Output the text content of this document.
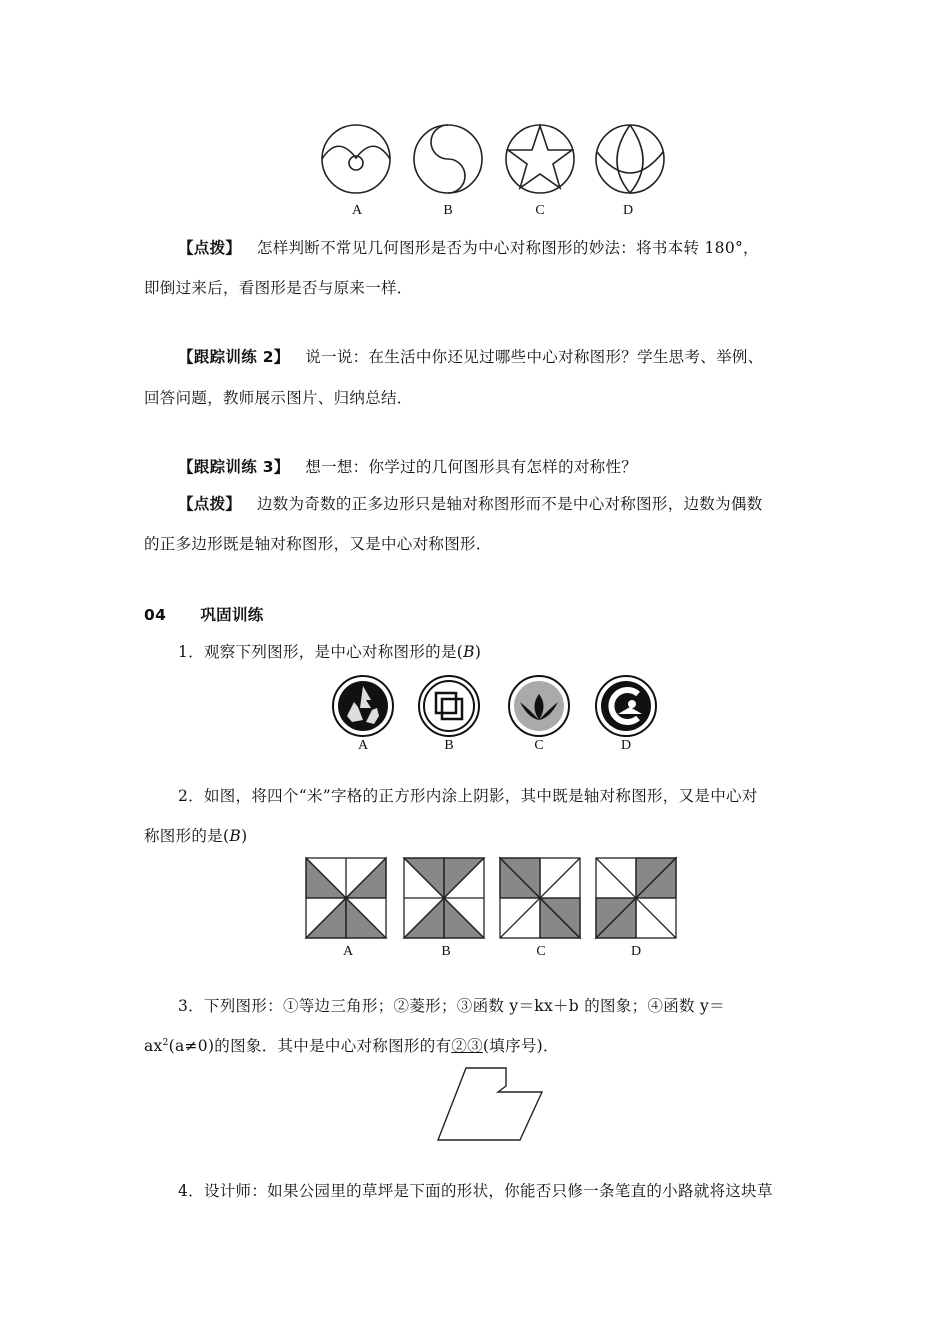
A	B	C	D
【点拨】 怎样判断不常见几何图形是否为中心对称图形的妙法：将书本转 180°，
即倒过来后，看图形是否与原来一样．
【跟踪训练 2】 说一说：在生活中你还见过哪些中心对称图形？学生思考、举例、
回答问题，教师展示图片、归纳总结．
【跟踪训练 3】 想一想：你学过的几何图形具有怎样的对称性？
【点拨】 边数为奇数的正多边形只是轴对称图形而不是中心对称图形，边数为偶数
的正多边形既是轴对称图形，又是中心对称图形．
04 巩固训练
1．观察下列图形，是中心对称图形的是(B)
A	B	C	D
2．如图，将四个“米”字格的正方形内涂上阴影，其中既是轴对称图形，又是中心对
称图形的是(B)
A	B	C	D
3．下列图形：①等边三角形；②菱形；③函数 y＝kx＋b 的图象；④函数 y＝
$ax^2(a\ne 0)$的图象．其中是中心对称图形的有②③(填序号)．
4．设计师：如果公园里的草坪是下面的形状，你能否只修一条笔直的小路就将这块草
